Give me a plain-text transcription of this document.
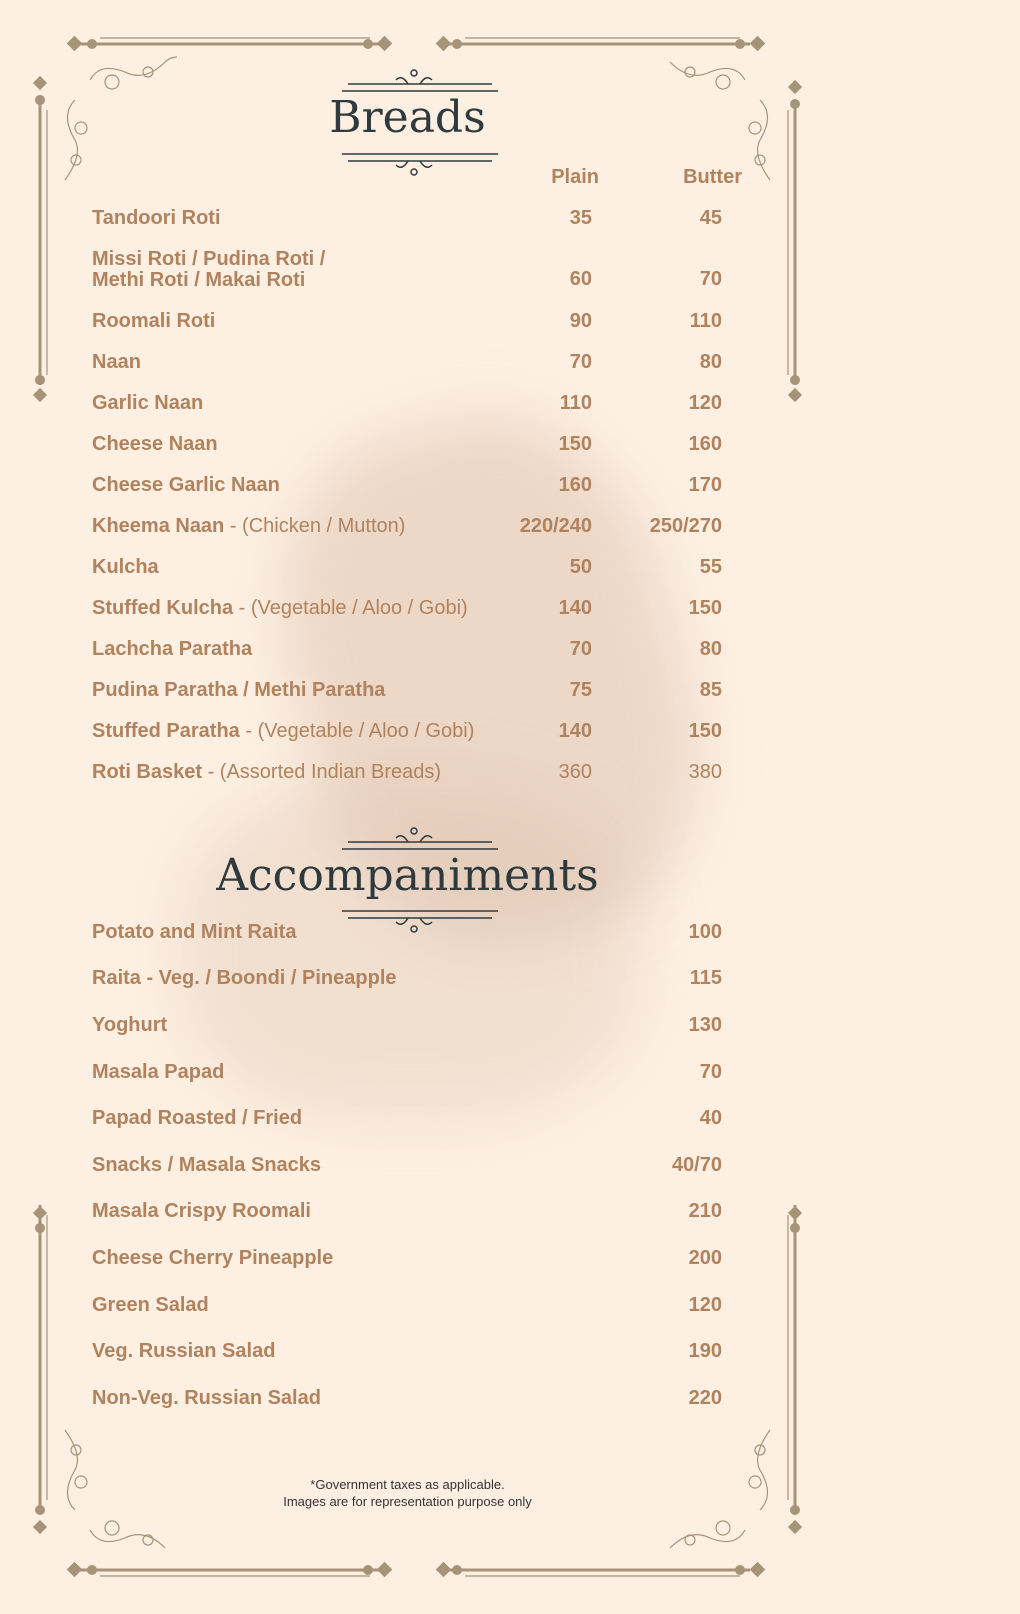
Breads
Plain	Butter
Tandoori Roti	35	45
Missi Roti / Pudina Roti /
Methi Roti / Makai Roti	60	70
Roomali Roti	90	110
Naan	70	80
Garlic Naan	110	120
Cheese Naan	150	160
Cheese Garlic Naan	160	170
Kheema Naan - (Chicken / Mutton)	220/240	250/270
Kulcha	50	55
Stuffed Kulcha - (Vegetable / Aloo / Gobi)	140	150
Lachcha Paratha	70	80
Pudina Paratha / Methi Paratha	75	85
Stuffed Paratha - (Vegetable / Aloo / Gobi)	140	150
Roti Basket - (Assorted Indian Breads)	360	380
Accompaniments
Potato and Mint Raita	100
Raita - Veg. / Boondi / Pineapple	115
Yoghurt	130
Masala Papad	70
Papad Roasted / Fried	40
Snacks / Masala Snacks	40/70
Masala Crispy Roomali	210
Cheese Cherry Pineapple	200
Green Salad	120
Veg. Russian Salad	190
Non-Veg. Russian Salad	220
*Government taxes as applicable.
Images are for representation purpose only
